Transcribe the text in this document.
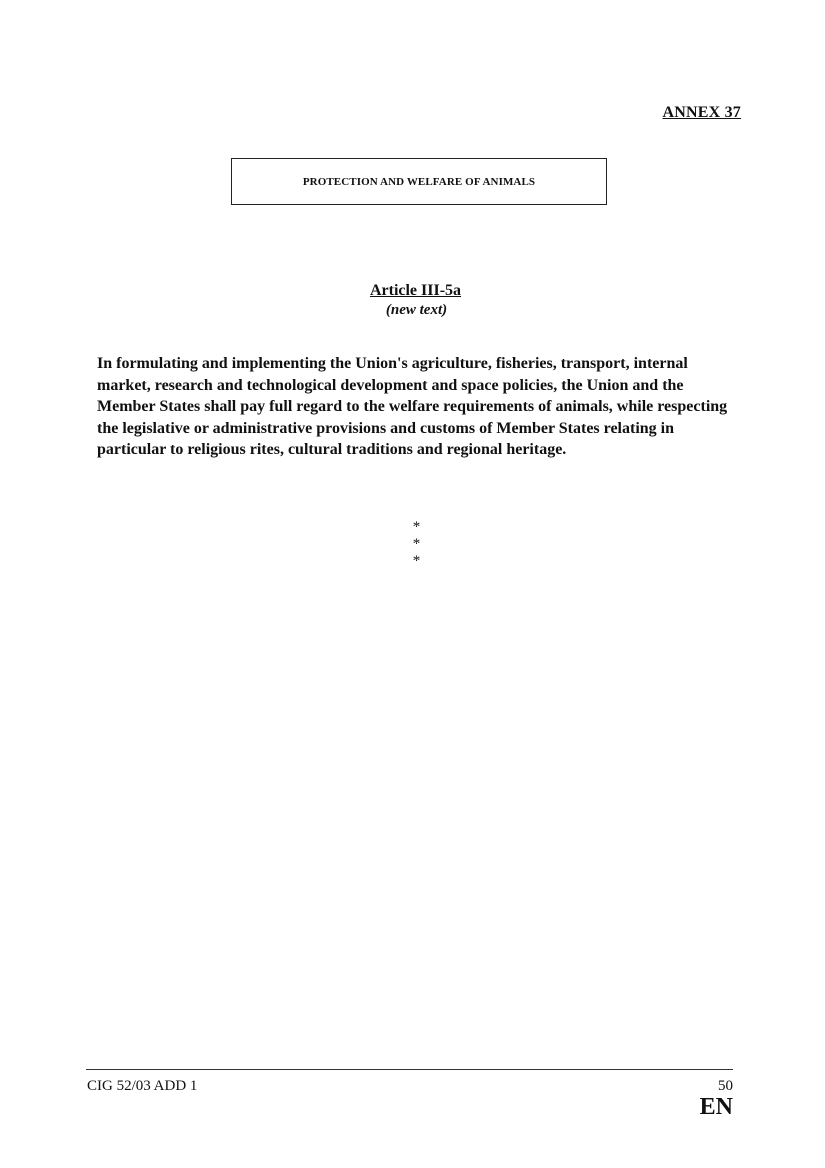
ANNEX 37
PROTECTION AND WELFARE OF ANIMALS
Article III-5a
(new text)
In formulating and implementing the Union's agriculture, fisheries, transport, internal market, research and technological development and space policies, the Union and the Member States shall pay full regard to the welfare requirements of animals, while respecting the legislative or administrative provisions and customs of Member States relating in particular to religious rites, cultural traditions and regional heritage.
***
CIG 52/03 ADD 1	50
EN
